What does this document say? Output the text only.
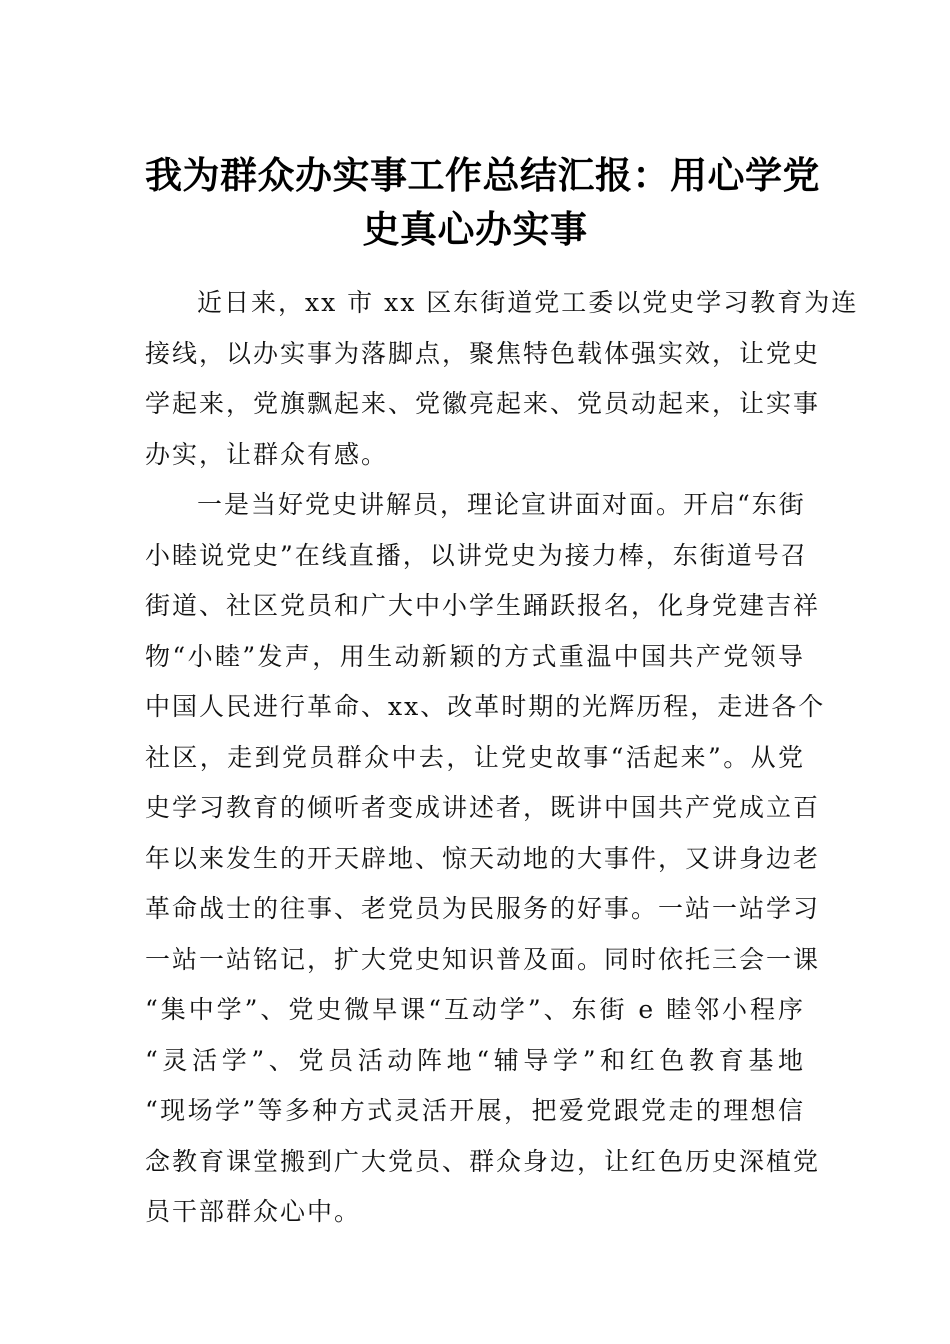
我为群众办实事工作总结汇报：用心学党
史真心办实事
近日来，xx 市 xx 区东街道党工委以党史学习教育为连
接线，以办实事为落脚点，聚焦特色载体强实效，让党史
学起来，党旗飘起来、党徽亮起来、党员动起来，让实事
办实，让群众有感。
一是当好党史讲解员，理论宣讲面对面。开启“东街
小睦说党史”在线直播，以讲党史为接力棒，东街道号召
街道、社区党员和广大中小学生踊跃报名，化身党建吉祥
物“小睦”发声，用生动新颖的方式重温中国共产党领导
中国人民进行革命、xx、改革时期的光辉历程，走进各个
社区，走到党员群众中去，让党史故事“活起来”。从党
史学习教育的倾听者变成讲述者，既讲中国共产党成立百
年以来发生的开天辟地、惊天动地的大事件，又讲身边老
革命战士的往事、老党员为民服务的好事。一站一站学习
一站一站铭记，扩大党史知识普及面。同时依托三会一课
“集中学”、党史微早课“互动学”、东街 e 睦邻小程序
“灵活学”、党员活动阵地“辅导学”和红色教育基地
“现场学”等多种方式灵活开展，把爱党跟党走的理想信
念教育课堂搬到广大党员、群众身边，让红色历史深植党
员干部群众心中。
